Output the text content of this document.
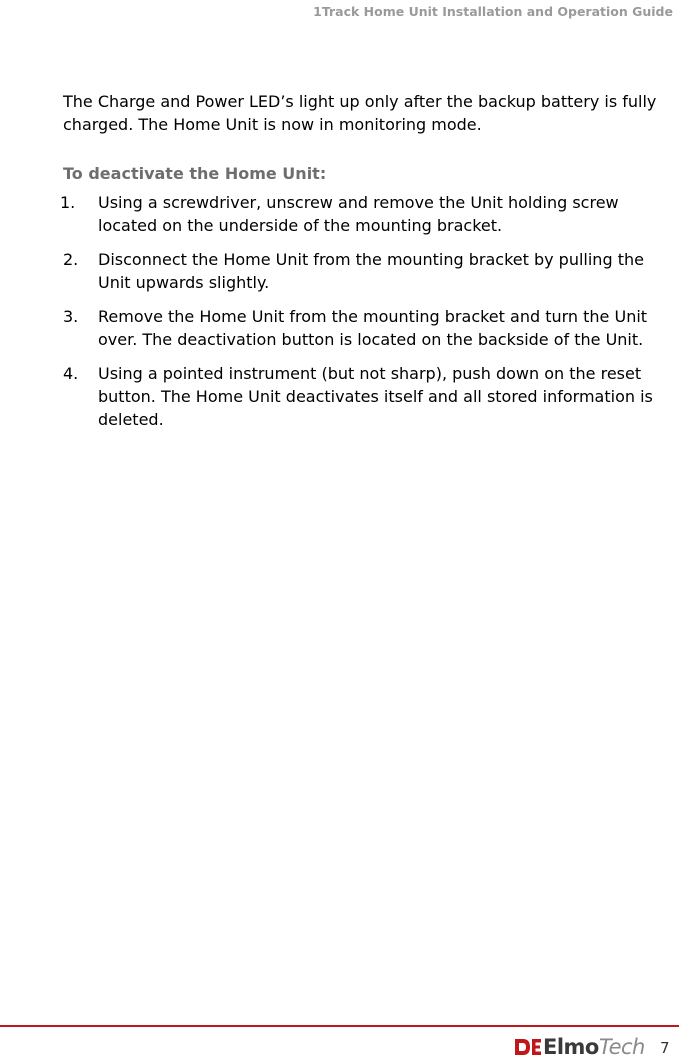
1Track Home Unit Installation and Operation Guide

The Charge and Power LED’s light up only after the backup battery is fully charged. The Home Unit is now in monitoring mode.

To deactivate the Home Unit:
1. Using a screwdriver, unscrew and remove the Unit holding screw located on the underside of the mounting bracket.
2. Disconnect the Home Unit from the mounting bracket by pulling the Unit upwards slightly.
3. Remove the Home Unit from the mounting bracket and turn the Unit over. The deactivation button is located on the backside of the Unit.
4. Using a pointed instrument (but not sharp), push down on the reset button. The Home Unit deactivates itself and all stored information is deleted.
Elmo Tech 7
